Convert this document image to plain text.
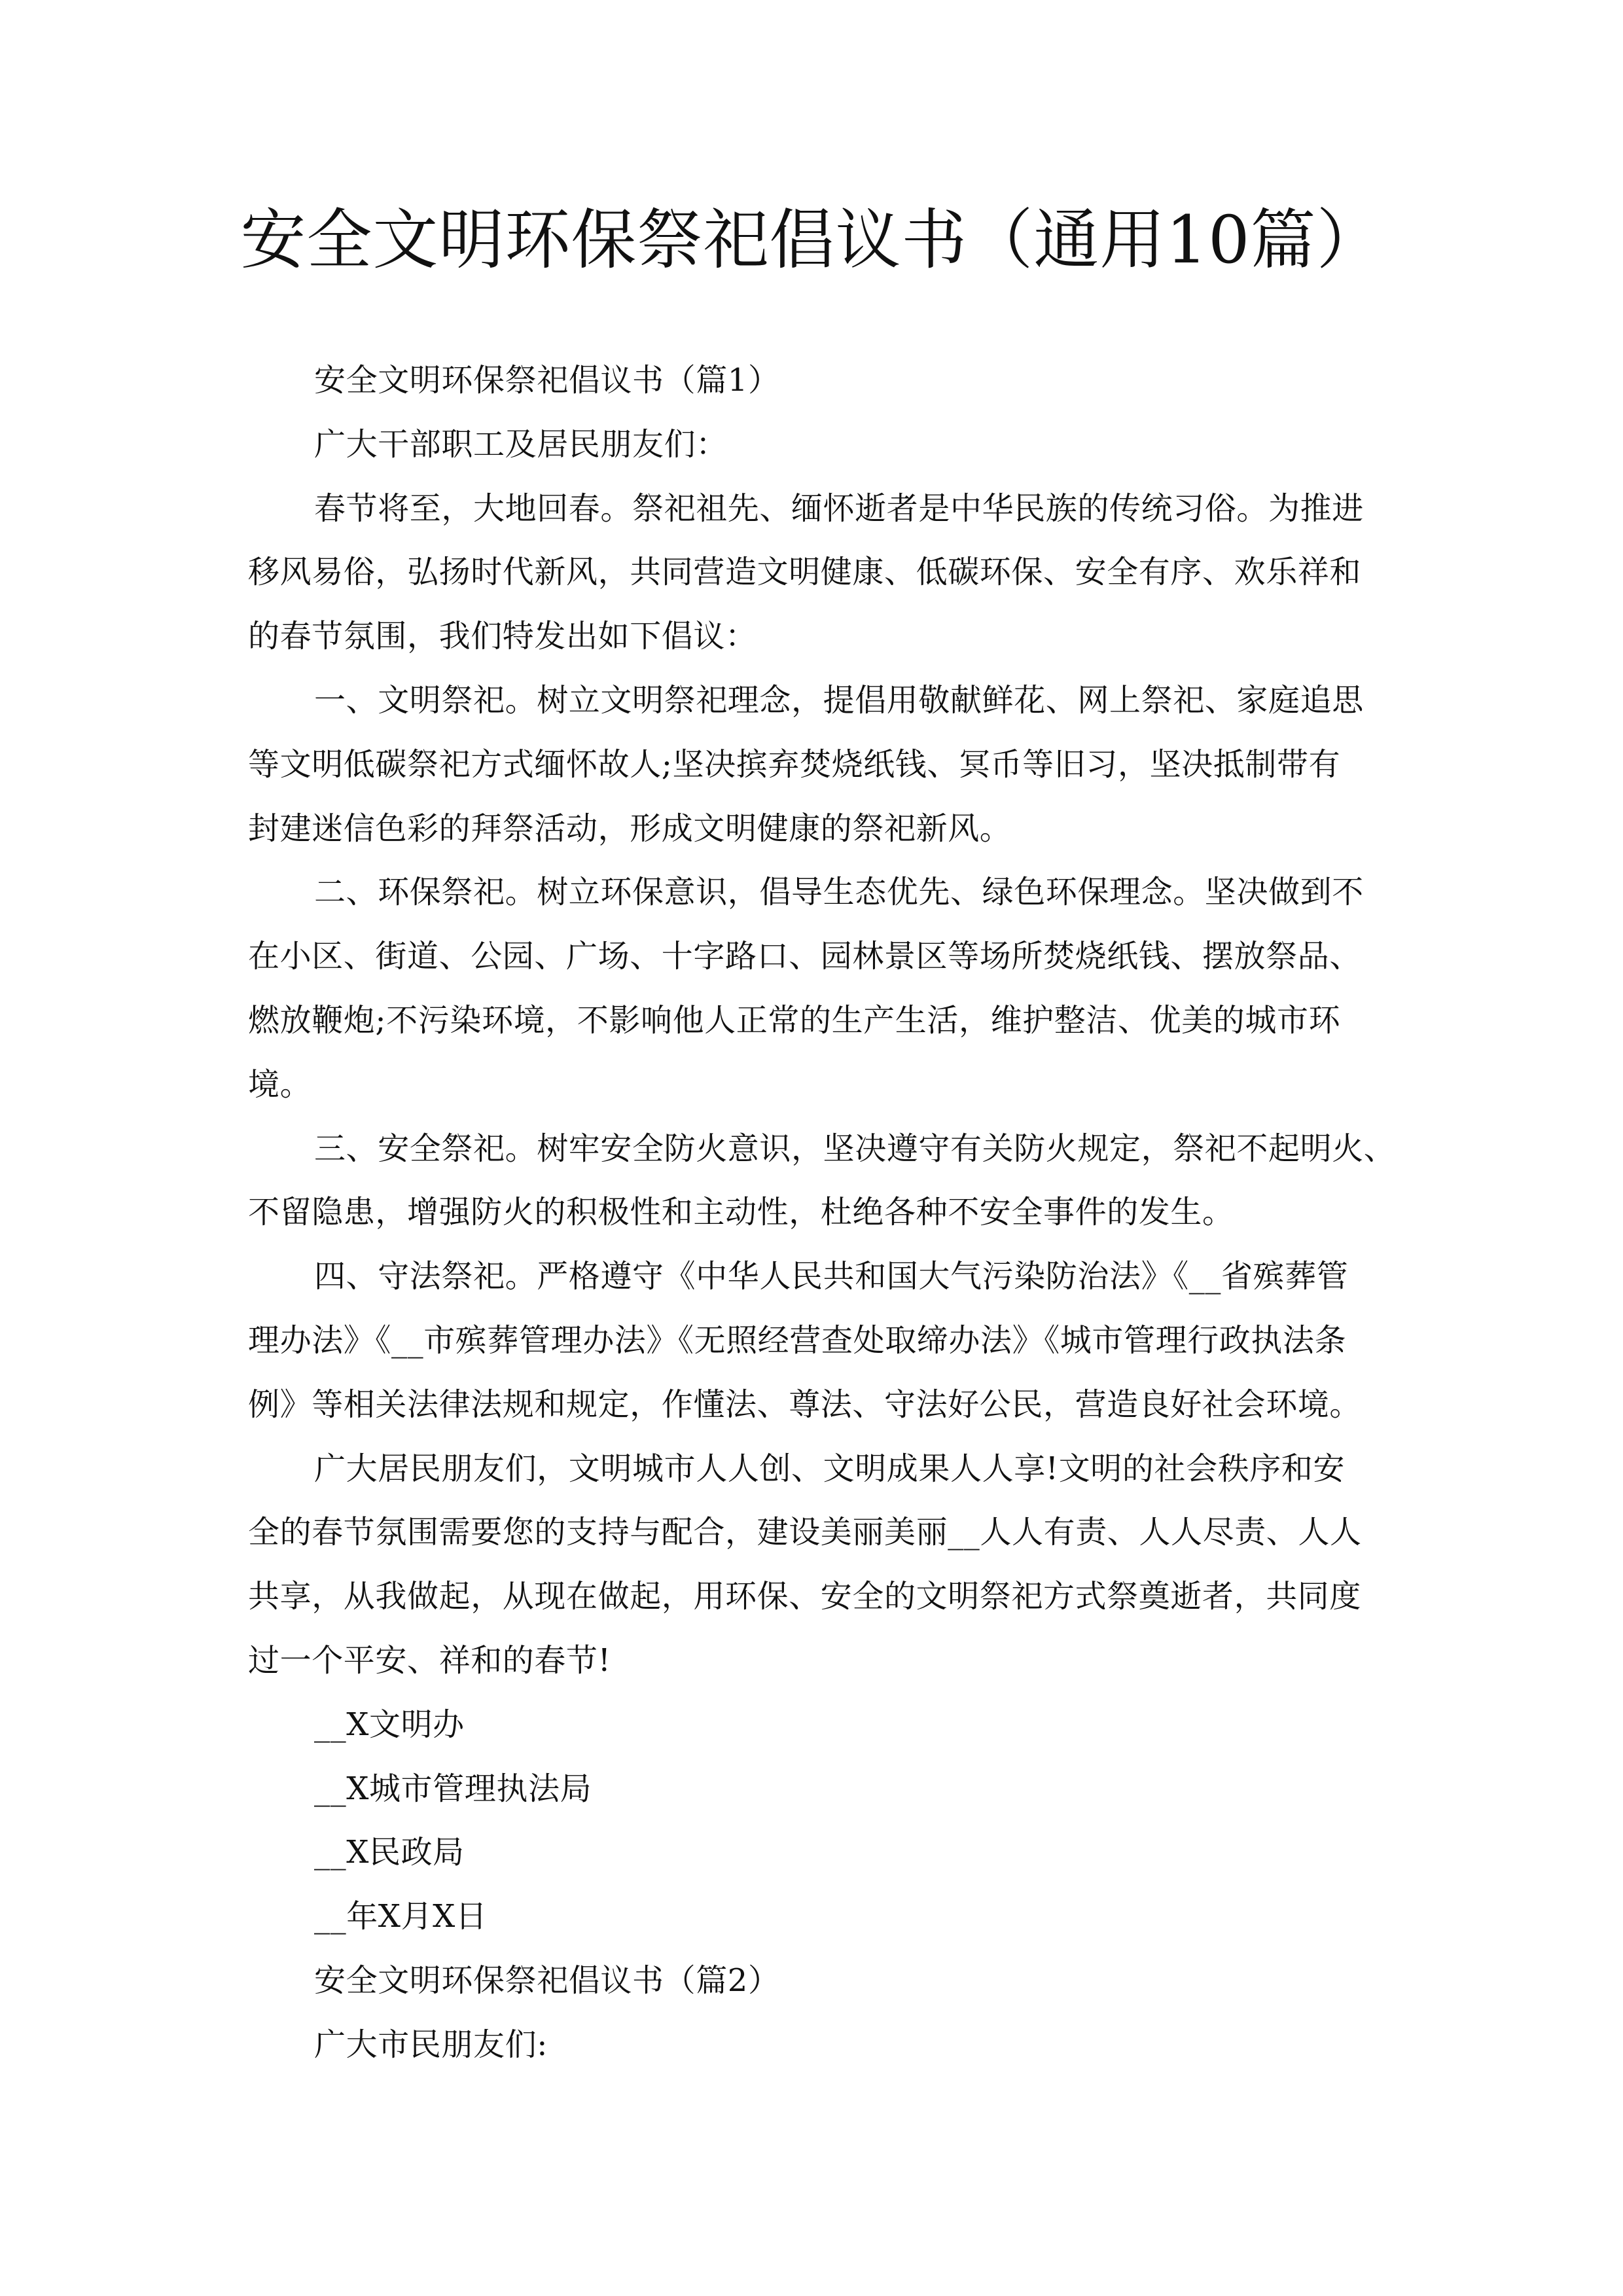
安全文明环保祭祀倡议书（通用10篇）
安全文明环保祭祀倡议书（篇1）
广大干部职工及居民朋友们：
春节将至，大地回春。祭祀祖先、缅怀逝者是中华民族的传统习俗。为推进
移风易俗，弘扬时代新风，共同营造文明健康、低碳环保、安全有序、欢乐祥和
的春节氛围，我们特发出如下倡议：
一、文明祭祀。树立文明祭祀理念，提倡用敬献鲜花、网上祭祀、家庭追思
等文明低碳祭祀方式缅怀故人;坚决摈弃焚烧纸钱、冥币等旧习，坚决抵制带有
封建迷信色彩的拜祭活动，形成文明健康的祭祀新风。
二、环保祭祀。树立环保意识，倡导生态优先、绿色环保理念。坚决做到不
在小区、街道、公园、广场、十字路口、园林景区等场所焚烧纸钱、摆放祭品、
燃放鞭炮;不污染环境，不影响他人正常的生产生活，维护整洁、优美的城市环
境。
三、安全祭祀。树牢安全防火意识，坚决遵守有关防火规定，祭祀不起明火、
不留隐患，增强防火的积极性和主动性，杜绝各种不安全事件的发生。
四、守法祭祀。严格遵守《中华人民共和国大气污染防治法》《__省殡葬管
理办法》《__市殡葬管理办法》《无照经营查处取缔办法》《城市管理行政执法条
例》等相关法律法规和规定，作懂法、尊法、守法好公民，营造良好社会环境。
广大居民朋友们，文明城市人人创、文明成果人人享!文明的社会秩序和安
全的春节氛围需要您的支持与配合，建设美丽美丽__人人有责、人人尽责、人人
共享，从我做起，从现在做起，用环保、安全的文明祭祀方式祭奠逝者，共同度
过一个平安、祥和的春节!
__X文明办
__X城市管理执法局
__X民政局
__年X月X日
安全文明环保祭祀倡议书（篇2）
广大市民朋友们:
